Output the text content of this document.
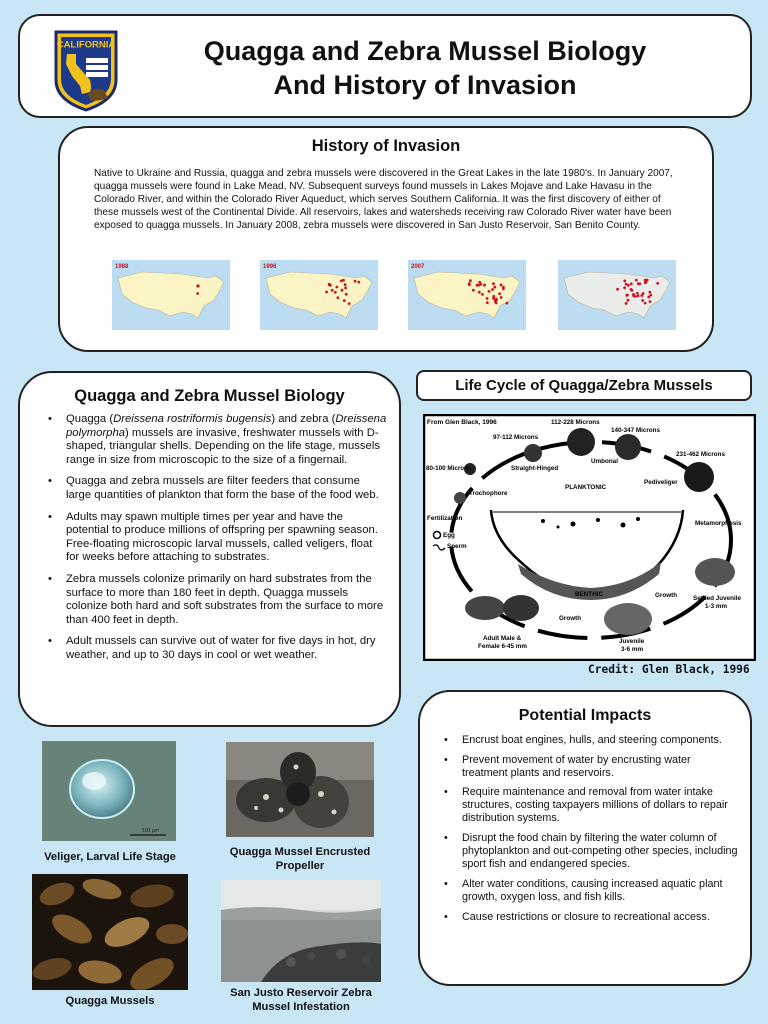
CALIFORNIA	Quagga and Zebra Mussel Biology
And History of Invasion
History of Invasion
Native to Ukraine and Russia, quagga and zebra mussels were discovered in the Great Lakes in the late 1980's. In January 2007, quagga mussels were found in Lake Mead, NV. Subsequent surveys found mussels in Lakes Mojave and Lake Havasu in the Colorado River, and within the Colorado River Aqueduct, which serves Southern California. It was the first discovery of either of these mussels west of the Continental Divide. All reservoirs, lakes and watersheds receiving raw Colorado River water have been exposed to quagga mussels. In January 2008, zebra mussels were discovered in San Justo Reservoir, San Benito County.
1988	1996	2007
Quagga and Zebra Mussel Biology
• Quagga (Dreissena rostriformis bugensis) and zebra (Dreissena polymorpha) mussels are invasive, freshwater mussels with D-shaped, triangular shells. Depending on the life stage, mussels range in size from microscopic to the size of a fingernail.
• Quagga and zebra mussels are filter feeders that consume large quantities of plankton that form the base of the food web.
• Adults may spawn multiple times per year and have the potential to produce millions of offspring per spawning season. Free-floating microscopic larval mussels, called veligers, float for weeks before attaching to substrates.
• Zebra mussels colonize primarily on hard substrates from the surface to more than 180 feet in depth. Quagga mussels colonize both hard and soft substrates from the surface to more than 400 feet in depth.
• Adult mussels can survive out of water for five days in hot, dry weather, and up to 30 days in cool or wet weather.
Life Cycle of Quagga/Zebra Mussels
From Glen Black, 1996	112-228 Microns
140-347 Microns
97-112 Microns
80-100 Microns
231-462 Microns
Straight-Hinged
Umbonal
PLANKTONIC
Pediveliger
Trochophore
Fertilization
Egg
Sperm
Metamorphosis
BENTHIC	Growth
Growth
Settled Juvenile
1-3 mm
Adult Male &
Female 6-45 mm
Juvenile
3-6 mm
Credit: Glen Black, 1996
Potential Impacts
• Encrust boat engines, hulls, and steering components.
• Prevent movement of water by encrusting water treatment plants and reservoirs.
• Require maintenance and removal from water intake structures, costing taxpayers millions of dollars to repair distribution systems.
• Disrupt the food chain by filtering the water column of phytoplankton and out-competing other species, including sport fish and endangered species.
• Alter water conditions, causing increased aquatic plant growth, oxygen loss, and fish kills.
• Cause restrictions or closure to recreational access.
100 µm
Veliger, Larval Life Stage	Quagga Mussel Encrusted Propeller
Quagga Mussels
San Justo Reservoir Zebra Mussel Infestation
